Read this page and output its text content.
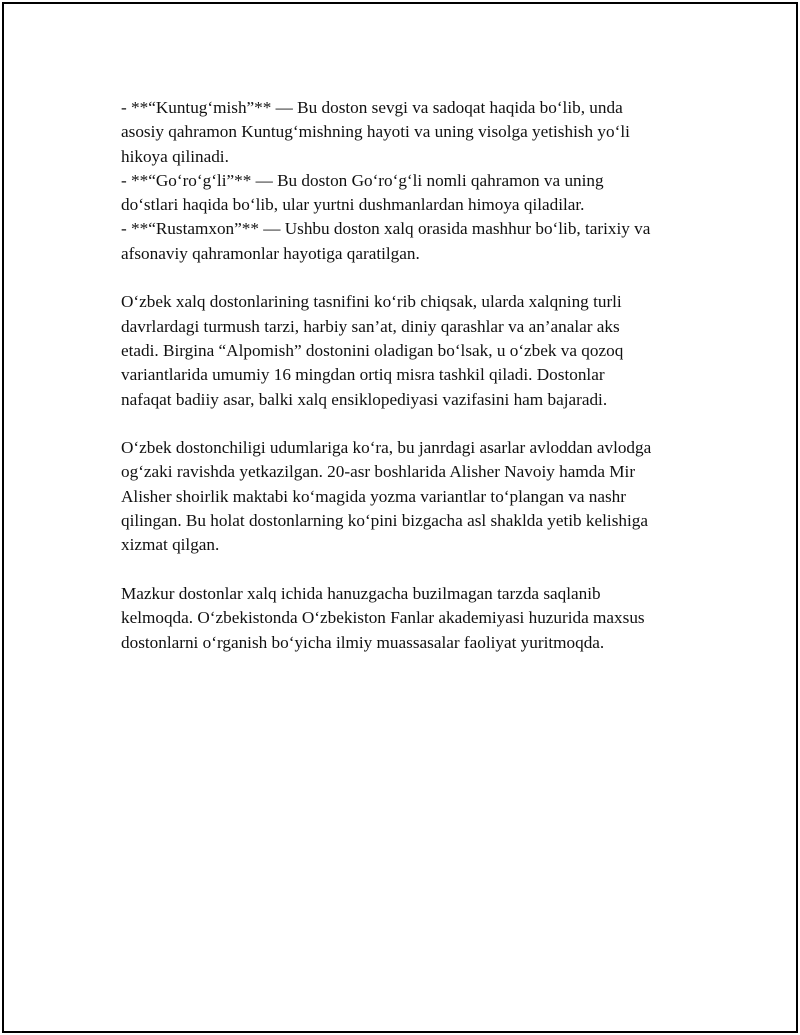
- **“Kuntug‘mish”** — Bu doston sevgi va sadoqat haqida bo‘lib, unda
asosiy qahramon Kuntug‘mishning hayoti va uning visolga yetishish yo‘li
hikoya qilinadi.
- **“Go‘ro‘g‘li”** — Bu doston Go‘ro‘g‘li nomli qahramon va uning
do‘stlari haqida bo‘lib, ular yurtni dushmanlardan himoya qiladilar.
- **“Rustamxon”** — Ushbu doston xalq orasida mashhur bo‘lib, tarixiy va
afsonaviy qahramonlar hayotiga qaratilgan.
O‘zbek xalq dostonlarining tasnifini ko‘rib chiqsak, ularda xalqning turli
davrlardagi turmush tarzi, harbiy san’at, diniy qarashlar va an’analar aks
etadi. Birgina “Alpomish” dostonini oladigan bo‘lsak, u o‘zbek va qozoq
variantlarida umumiy 16 mingdan ortiq misra tashkil qiladi. Dostonlar
nafaqat badiiy asar, balki xalq ensiklopediyasi vazifasini ham bajaradi.
O‘zbek dostonchiligi udumlariga ko‘ra, bu janrdagi asarlar avloddan avlodga
og‘zaki ravishda yetkazilgan. 20-asr boshlarida Alisher Navoiy hamda Mir
Alisher shoirlik maktabi ko‘magida yozma variantlar to‘plangan va nashr
qilingan. Bu holat dostonlarning ko‘pini bizgacha asl shaklda yetib kelishiga
xizmat qilgan.
Mazkur dostonlar xalq ichida hanuzgacha buzilmagan tarzda saqlanib
kelmoqda. O‘zbekistonda O‘zbekiston Fanlar akademiyasi huzurida maxsus
dostonlarni o‘rganish bo‘yicha ilmiy muassasalar faoliyat yuritmoqda.
